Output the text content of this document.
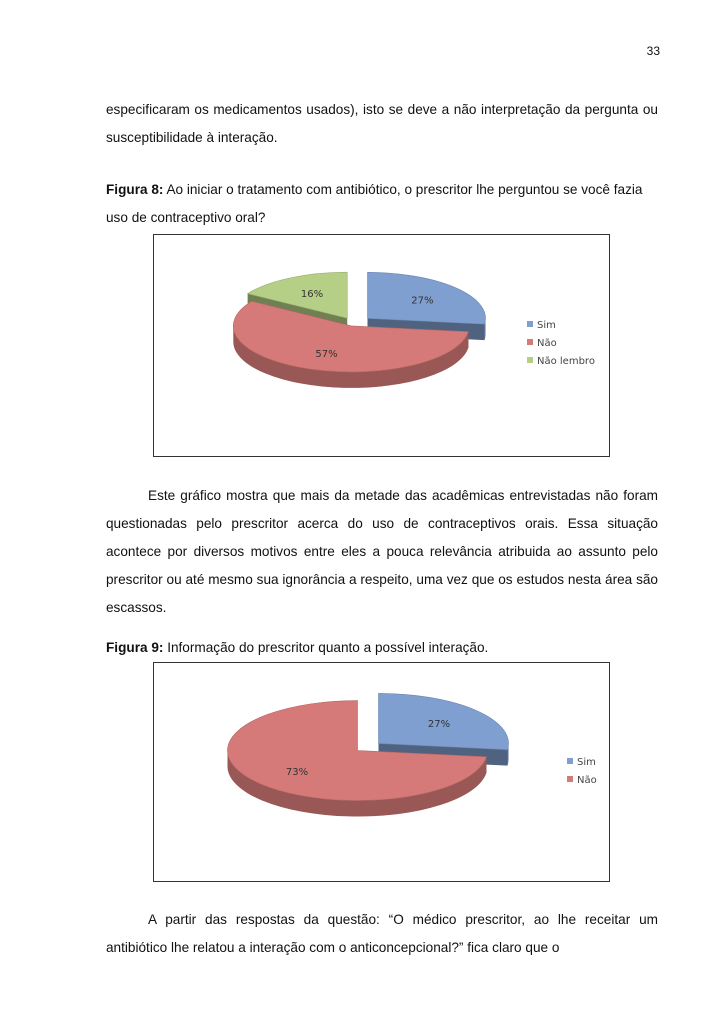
33

especificaram os medicamentos usados), isto se deve a não interpretação da pergunta ou susceptibilidade à interação.

Figura 8: Ao iniciar o tratamento com antibiótico, o prescritor lhe perguntou se você fazia uso de contraceptivo oral?

27%
57%
16%
Sim
Não
Não lembro

Este gráfico mostra que mais da metade das acadêmicas entrevistadas não foram questionadas pelo prescritor acerca do uso de contraceptivos orais. Essa situação acontece por diversos motivos entre eles a pouca relevância atribuida ao assunto pelo prescritor ou até mesmo sua ignorância a respeito, uma vez que os estudos nesta área são escassos.

Figura 9: Informação do prescritor quanto a possível interação.

27%
73%
Sim
Não

A partir das respostas da questão: “O médico prescritor, ao lhe receitar um antibiótico lhe relatou a interação com o anticoncepcional?” fica claro que o
